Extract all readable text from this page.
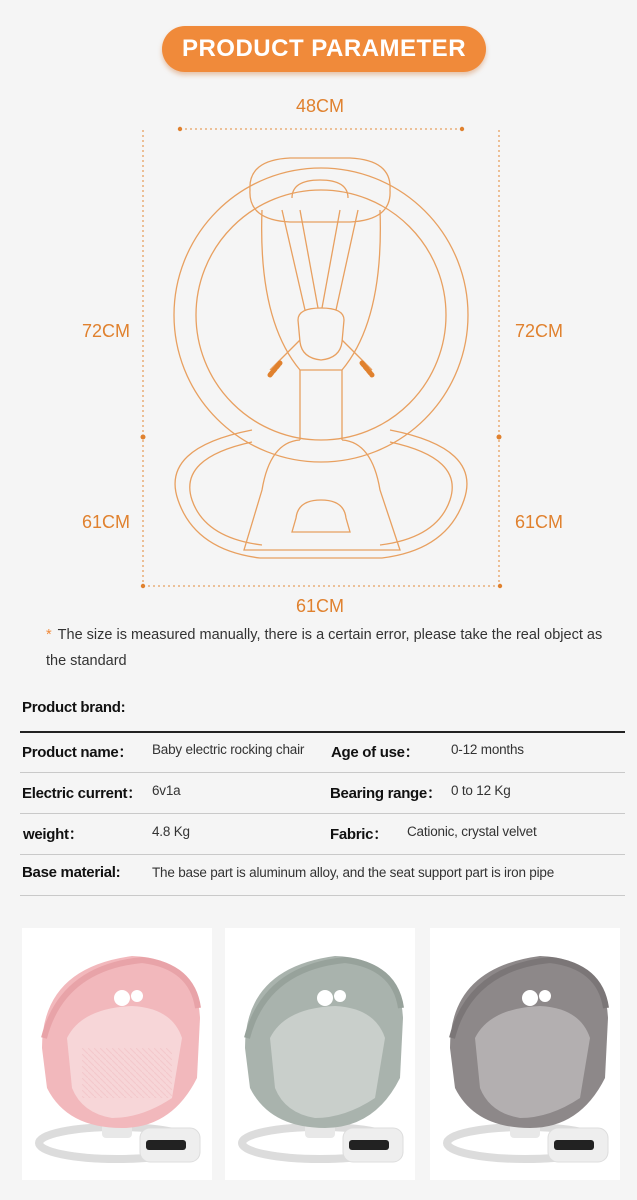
PRODUCT PARAMETER
48CM
72CM	72CM
61CM	61CM
61CM
* The size is measured manually, there is a certain error, please take the real object as the standard
Product brand:
Product name： Baby electric rocking chair Age of use： 0-12 months
Electric current： 6v1a	Bearing range： 0 to 12 Kg
weight：	4.8 Kg	Fabric： Cationic, crystal velvet
Base material: The base part is aluminum alloy, and the seat support part is iron pipe
